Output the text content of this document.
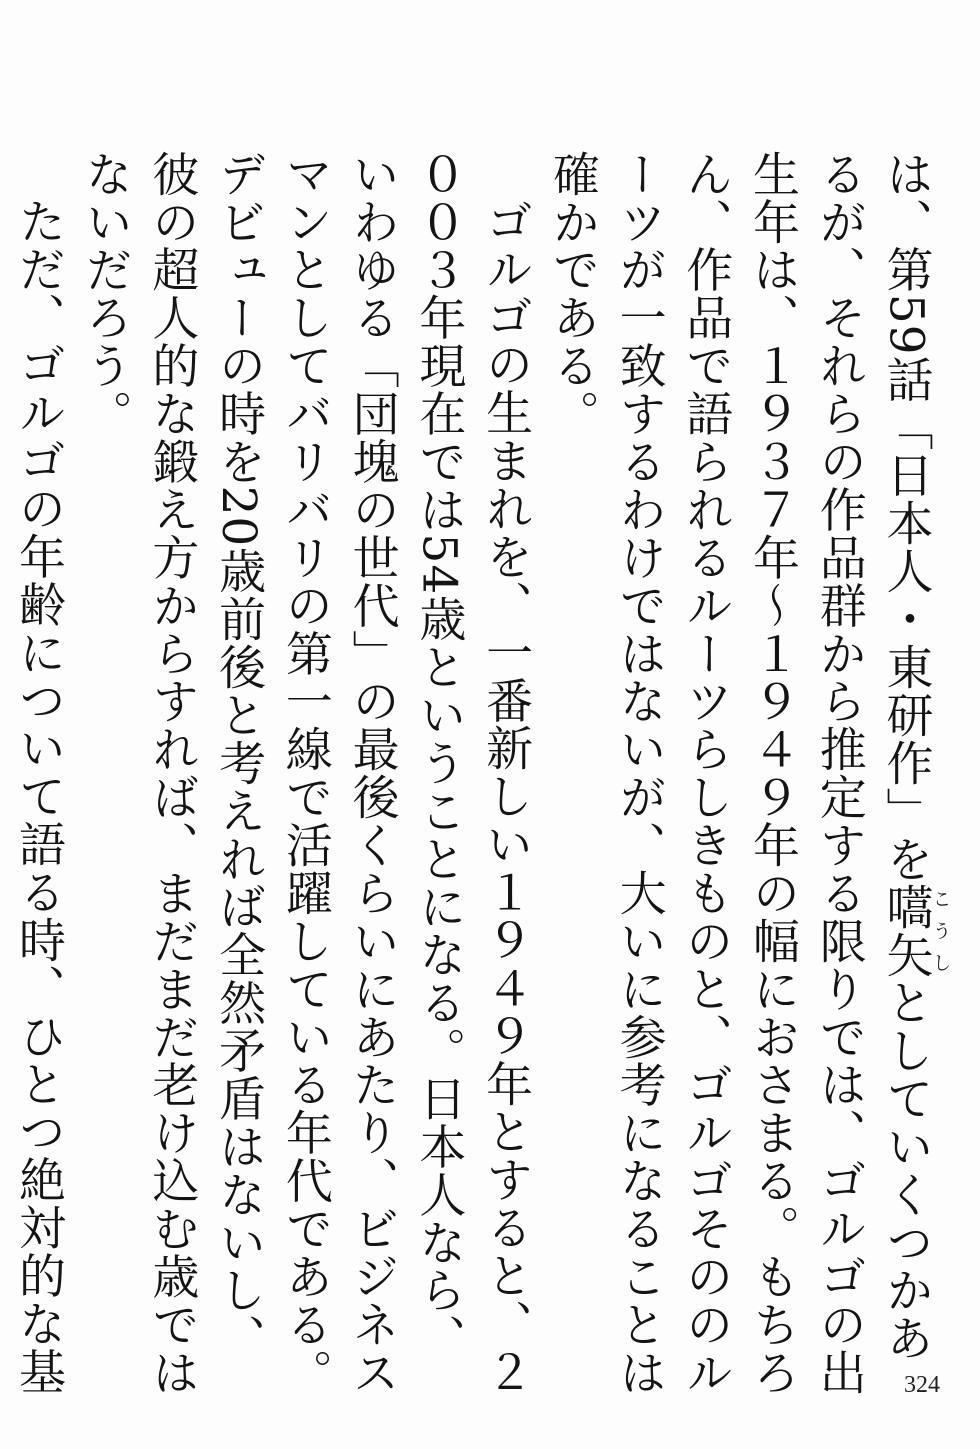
は、第59話「日本人・東研作」を嚆矢こうしとしていくつかあるが、それらの作品群から推定する限りでは、ゴルゴの出生年は、１９３７年〜１９４９年の幅におさまる。もちろん、作品で語られるルーツらしきものと、ゴルゴそののルーツが一致するわけではないが、大いに参考になることは確かである。

ゴルゴの生まれを、一番新しい１９４９年とすると、２００３年現在では54歳ということになる。日本人なら、いわゆる「団塊の世代」の最後くらいにあたり、ビジネスマンとしてバリバリの第一線で活躍している年代である。デビューの時を20歳前後と考えれば全然矛盾はないし、彼の超人的な鍛え方からすれば、まだまだ老け込む歳ではないだろう。

ただ、ゴルゴの年齢について語る時、ひとつ絶対的な基	324
